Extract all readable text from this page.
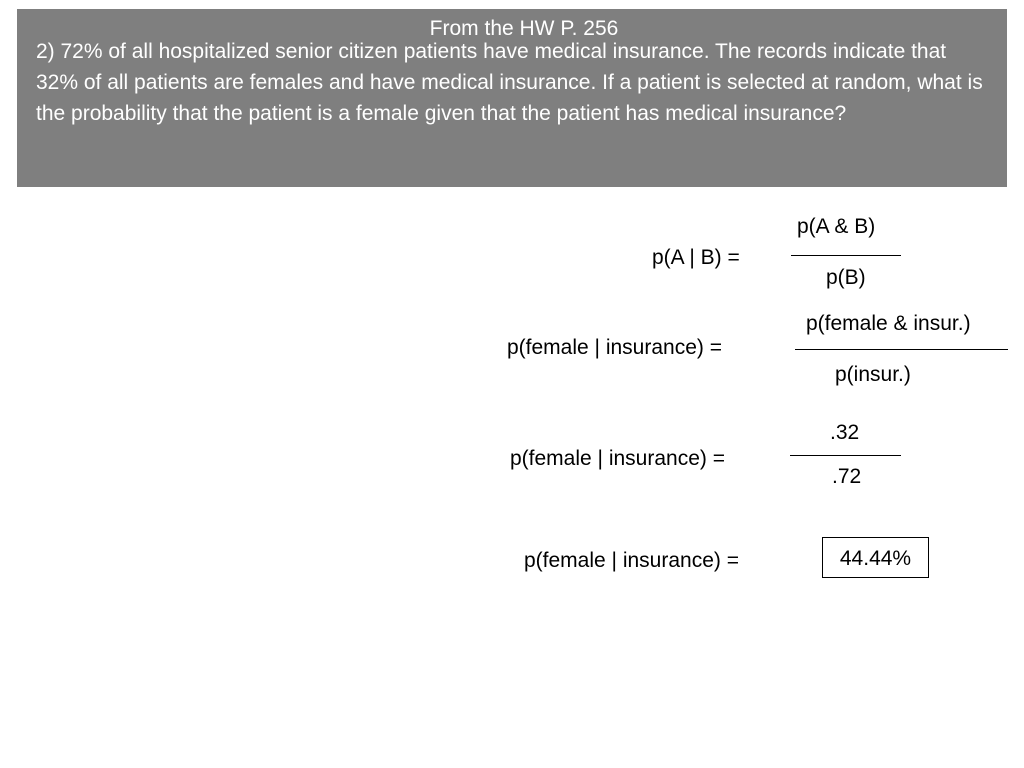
From the HW P. 256
2) 72% of all hospitalized senior citizen patients have medical insurance. The records indicate that 32% of all patients are females and have medical insurance. If a patient is selected at random, what is the probability that the patient is a female given that the patient has medical insurance?
p(A | B) =
p(A & B)
p(B)
p(female | insurance) =
p(female & insur.)
p(insur.)
p(female | insurance) =
.32
.72
p(female | insurance) =	44.44%
